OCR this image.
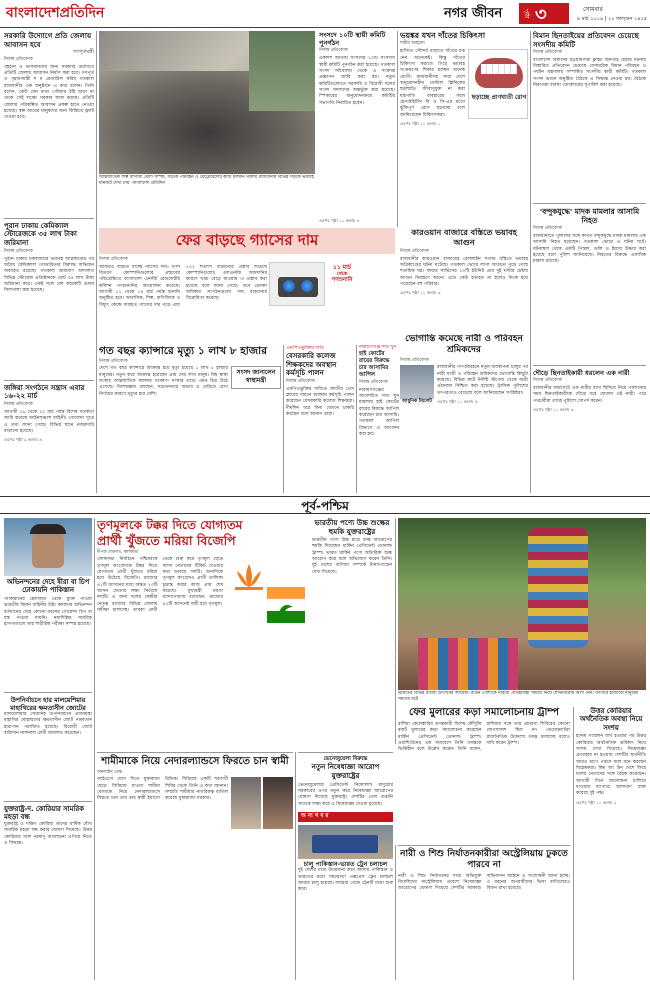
বাংলাদেশপ্রতিদিন	নগর জীবন	পৃষ্ঠা ৩	সোমবার
৪ মার্চ ২০১৯ | ২০ ফাল্গুন ১৪২৫
সরকারি উদ্যোগে প্রতি জেলায় আবাসন হবে
গণপূর্তমন্ত্রী
নিজস্ব প্রতিবেদক
গৃহহীন ও ভাসমানদের জন্য সরকারি উদ্যোগে প্রতিটি জেলায় আবাসন নির্মাণ করা হবে। গণপূর্ত ও গৃহায়ণমন্ত্রী শ ম রেজাউল করিম গতকাল রাজধানীর এক অনুষ্ঠানে এ কথা বলেন। তিনি বলেন, কেউ যেন মাথা গোঁজার ঠাঁই ছাড়া না থাকে সেই লক্ষ্যে সরকার কাজ করছে। প্রতিটি জেলায় পরিকল্পিত আবাসন প্রকল্প হাতে নেওয়া হয়েছে। স্বল্প আয়ের মানুষদের জন্য কিস্তিতে ফ্ল্যাট দেওয়া হবে।
পুরান ঢাকায় কেমিক্যাল স্টোরেজকে ৩৫ লাখ টাকা জরিমানা
নিজস্ব প্রতিবেদক
পুরান ঢাকার চকবাজারে ভয়াবহ অগ্নিকাণ্ডের পর অবৈধ কেমিক্যাল গোডাউনের বিরুদ্ধে অভিযান অব্যাহত রয়েছে। গতকাল ভ্রাম্যমাণ আদালত বিভিন্ন স্টোরেজ প্রতিষ্ঠানকে মোট ৩৫ লাখ টাকা জরিমানা করে। একই সঙ্গে বেশ কয়েকটি গুদাম সিলগালা করা হয়েছে।
জঙ্গিরা সংগঠনে সন্ত্রাস এবার ১৬-২২ মার্চ
নিজস্ব প্রতিবেদক
আগামী ১৬ থেকে ২২ মার্চ পর্যন্ত বিশেষ সতর্কতা জারি করেছে আইনশৃঙ্খলা বাহিনী। গোয়েন্দা সূত্রে এ তথ্য জানা গেছে। বিভিন্ন স্থানে নজরদারি বাড়ানো হয়েছে।
এরপর পৃষ্ঠা ৯ কলাম ৩
আন্তর্জাতিক শিল্প বাণিজ্য মেলা সম্পন্ন, সড়কে পরিবহন ও মেট্রোরেলের কাজ চলমান থাকায় রাজধানীর বিভিন্ন সড়কে ভয়াবহ যানজট দেখা দেয় -বাংলাদেশ প্রতিদিন
সংসদে ১০টি স্থায়ী কমিটি পুনর্গঠন
নিজস্ব প্রতিবেদক
একাদশ জাতীয় সংসদের ১০টি সংসদীয় স্থায়ী কমিটি পুনর্গঠন করা হয়েছে। গতকাল সংসদ সচিবালয় থেকে এ সংক্রান্ত প্রজ্ঞাপন জারি করা হয়। নতুন কমিটিগুলোতে সরকারি ও বিরোধী দলের সংসদ সদস্যদের অন্তর্ভুক্ত করা হয়েছে। স্পিকারের অনুমোদনক্রমে কমিটির সভাপতি নির্বাচিত হবেন।
এরপর পৃষ্ঠা ১১ কলাম ৪
ভয়ঙ্কর যখন দাঁতের চিকিৎসা
শামীম আহমেদ
ছড়াচ্ছে প্রাণঘাতী রোগ
হাসিতে সৌন্দর্য বাড়াতে দাঁতের যত্ন নেন অনেকেই। কিন্তু দাঁতের চিকিৎসা করাতে গিয়ে ভয়াবহ সংক্রমণের শিকার হচ্ছেন অনেক রোগী। রাজধানীসহ সারা দেশে অনুমোদনহীন ডেন্টাল ক্লিনিকের ছড়াছড়ি। জীবাণুমুক্ত না করা যন্ত্রপাতি ব্যবহারের ফলে হেপাটাইটিস বি ও সি-এর মতো ঝুঁকিপূর্ণ রোগ ছড়াচ্ছে বলে জানিয়েছেন চিকিৎসকরা।
এরপর পৃষ্ঠা ১১ কলাম ১
বিমান ছিনতাইয়ের প্রতিবেদন চেয়েছে সংসদীয় কমিটি
নিজস্ব প্রতিবেদক
বাংলাদেশ বিমানের চট্টগ্রামগামী ফ্লাইট ছিনতাই চেষ্টার ঘটনায় বিস্তারিত প্রতিবেদন চেয়েছে বেসামরিক বিমান পরিবহন ও পর্যটন মন্ত্রণালয় সম্পর্কিত সংসদীয় স্থায়ী কমিটি। গতকাল সংসদ ভবনে অনুষ্ঠিত বৈঠকে এ সিদ্ধান্ত নেওয়া হয়। বৈঠকে নিরাপত্তা ব্যবস্থা জোরদারের সুপারিশ করা হয়েছে।
'বন্দুকযুদ্ধে' মাদক মামলার আসামি নিহত
নিজস্ব প্রতিবেদক
রাজধানীতে পুলিশের সঙ্গে কথিত বন্দুকযুদ্ধে মাদক মামলার এক আসামি নিহত হয়েছেন। গতকাল ভোরে এ ঘটনা ঘটে। ঘটনাস্থল থেকে একটি পিস্তল, গুলি ও ইয়াবা উদ্ধার করা হয়েছে বলে পুলিশ জানিয়েছে। নিহতের বিরুদ্ধে একাধিক মামলা রয়েছে।
দৌড়ে ছিনতাইকারী ধরলেন এক নারী
নিজস্ব প্রতিবেদক
রাজধানীর ফার্মগেটে এক নারীর ব্যাগ ছিনিয়ে নিয়ে পালানোর সময় ছিনতাইকারীকে দৌড়ে ধরে ফেলেন ওই নারী। পরে পথচারীরা তাকে পুলিশে সোপর্দ করেন।
এরপর পৃষ্ঠা ১১ কলাম ৩
ফের বাড়ছে গ্যাসের দাম	কারওয়ান বাজারে বস্তিতে ভয়াবহ আগুন
নিজস্ব প্রতিবেদক
রাজধানীর কারওয়ান বাজারের রেললাইন সংলগ্ন বস্তিতে ভয়াবহ অগ্নিকাণ্ডের ঘটনা ঘটেছে। গতকাল ভোরে লাগা আগুনে পুড়ে গেছে শতাধিক ঘর। ফায়ার সার্ভিসের ১০টি ইউনিট প্রায় দুই ঘণ্টার চেষ্টায় আগুন নিয়ন্ত্রণে আনে। এতে কেউ হতাহত না হলেও নিঃস্ব হয়ে পড়েছেন বহু পরিবার।
এরপর পৃষ্ঠা ১১ কলাম ৩
নিজস্ব প্রতিবেদক
১১ মার্চ
থেকে
গণশুনানি
আবারও বাড়তে যাচ্ছে গ্যাসের দাম। গ্যাস বিতরণ কোম্পানিগুলোর প্রস্তাবের পরিপ্রেক্ষিতে বাংলাদেশ এনার্জি রেগুলেটরি কমিশন গণশুনানির আয়োজন করেছে। আগামী ১১ থেকে ১৪ মার্চ পর্যন্ত শুনানি অনুষ্ঠিত হবে। আবাসিক, শিল্প, বাণিজ্যিক ও বিদ্যুৎ কেন্দ্রে ব্যবহৃত গ্যাসের দাম গড়ে প্রায় ১০২ শতাংশ বাড়ানোর প্রস্তাব দিয়েছে কোম্পানিগুলো। এলএনজি আমদানির কারণে খরচ বেড়ে যাওয়ায় এ প্রস্তাব করা হয়েছে বলে জানা গেছে। তবে ভোক্তা অধিকার সংগঠনগুলো দাম বাড়ানোর বিরোধিতা করেছে।
গত বছর ক্যান্সারে মৃত্যু ১ লাখ ৮ হাজার
নিজস্ব প্রতিবেদক
সংসদ জানালেন স্বাস্থ্যমন্ত্রী
দেশে গত বছর ক্যান্সারে আক্রান্ত হয়ে মৃত্যু হয়েছে ১ লাখ ৮ হাজার মানুষের। নতুন করে আক্রান্ত হয়েছেন প্রায় দেড় লাখ মানুষ। বিশ্ব স্বাস্থ্য সংস্থার আন্তর্জাতিক ক্যান্সার গবেষণা সংস্থার তথ্যে এমন চিত্র উঠে এসেছে। বিশেষজ্ঞরা বলছেন, সচেতনতার অভাব ও দেরিতে রোগ নির্ণয়ের কারণে মৃত্যুর হার বেশি।
এমপিওভুক্তির দাবি
বেসরকারি কলেজ শিক্ষকদের অবস্থান কর্মসূচি পালন
নিজস্ব প্রতিবেদক
এমপিওভুক্তির দাবিতে জাতীয় প্রেস ক্লাবের সামনে অবস্থান কর্মসূচি পালন করেছেন বেসরকারি কলেজ শিক্ষকরা। দীর্ঘদিন ধরে বিনা বেতনে চাকরি করছেন বলে জানান তারা।
নারায়ণগঞ্জে সাত খুন
হাই কোর্টের রায়ের বিরুদ্ধে চার আসামির আপিল
নিজস্ব প্রতিবেদক
নারায়ণগঞ্জের আলোচিত সাত খুন মামলায় হাই কোর্টের রায়ের বিরুদ্ধে আপিল করেছেন চার আসামি। গতকাল আপিল বিভাগে এ আবেদন করা হয়।
ভোগান্তি কমেছে নারী ও পরিবহন শ্রমিকদের
নিজস্ব প্রতিবেদক
আধুনিক টয়লেট
রাজধানীর গণপরিবহনে নতুন ব্যবস্থাপনা চালুর পর নারী যাত্রী ও পরিবহন শ্রমিকদের ভোগান্তি কিছুটা কমেছে। বিভিন্ন রুটে নির্দিষ্ট স্টপেজ থেকে যাত্রী ওঠানামা নিশ্চিত করা হয়েছে। ট্রাফিক পুলিশের তৎপরতাও বেড়েছে বলে জানিয়েছেন সংশ্লিষ্টরা।
এরপর পৃষ্ঠা ১১ কলাম ৫
পূর্ব-পশ্চিম
অভিনন্দনের দেহে ষীরা বা চিপ ঢোকায়নি পাকিস্তান
পাকিস্তানের হেফাজত থেকে মুক্তি পাওয়া ভারতীয় বিমান বাহিনীর উইং কমান্ডার অভিনন্দন বর্তমানের দেহে কোনো ধরনের গোয়েন্দা চিপ বা যন্ত্র পাওয়া যায়নি। নয়াদিল্লির সামরিক হাসপাতালে তার শারীরিক পরীক্ষা সম্পন্ন হয়েছে।
উপনির্বাচনে হার মালয়েশিয়ার মাহাথিরের ক্ষমতাসীন জোটের
মালয়েশিয়ার সেমেনিহ উপনির্বাচনে প্রধানমন্ত্রী মাহাথির মোহাম্মদের ক্ষমতাসীন জোট পাকাতান হারাপান পরাজিত হয়েছে। বিরোধী জোট বারিসান ন্যাশনাল প্রার্থী জয়লাভ করেছেন।
যুক্তরাষ্ট্র-দ. কোরিয়ার সামরিক মহড়া বন্ধ
যুক্তরাষ্ট্র ও দক্ষিণ কোরিয়া তাদের বার্ষিক যৌথ সামরিক মহড়া বন্ধ করার ঘোষণা দিয়েছে। উত্তর কোরিয়ার সঙ্গে পরমাণু আলোচনা এগিয়ে নিতে এ সিদ্ধান্ত।
তৃণমূলকে টক্কর দিতে যোগ্যতম
প্রার্থী খুঁজতে মরিয়া বিজেপি
দীপক দেবনাথ, কলকাতা
লোকসভা নির্বাচনে পশ্চিমবঙ্গে তৃণমূল কংগ্রেসকে টক্কর দিতে যোগ্যতম প্রার্থী খুঁজতে মরিয়া হয়ে উঠেছে বিজেপি। রাজ্যের ৪২টি আসনের মধ্যে অন্তত ২৩টি আসন জেতার লক্ষ্য নিয়েছে দলটি। এ জন্য দলের কেন্দ্রীয় নেতৃত্ব রাজ্যের বিভিন্ন জেলায় সমীক্ষা চালাচ্ছে। তারকা প্রার্থী থেকে শুরু করে তৃণমূল ছেড়ে আসা নেতাদের টিকিট দেওয়ার কথা ভাবছে দলটি। অন্যদিকে তৃণমূল কংগ্রেসও প্রার্থী তালিকা চূড়ান্ত করার কাজ প্রায় শেষ করেছে। মুখ্যমন্ত্রী মমতা বন্দ্যোপাধ্যায় বলেছেন, রাজ্যের ৪২টি আসনেই জয়ী হবে তৃণমূল।
ভারতীয় পণ্যে উচ্চ শুল্কের হুমকি যুক্তরাষ্ট্রের
ভারতীয় পণ্যে উচ্চ হারে শুল্ক আরোপের হুমকি দিয়েছেন মার্কিন প্রেসিডেন্ট ডোনাল্ড ট্রাম্প। ভারত মার্কিন পণ্যে অতিরিক্ত শুল্ক আরোপ করে বলে অভিযোগ করেন তিনি। দুই দেশের বাণিজ্য সম্পর্কে টানাপোড়েন দেখা দিয়েছে।
ভারতের বিভিন্ন রাজ্যে উৎসবের আমেজ। রঙিন পোশাকে নারীরা ঐতিহ্যবাহী সামগ্রী নিয়ে শোভাযাত্রায় অংশ নেন। উৎসবে হাজারো মানুষের সমাগম ঘটে
ফের মুলারের কড়া সমালোচনায় ট্রাম্প
রাশিয়া কেলেঙ্কারির তদন্তকারী বিশেষ কৌঁসুলি রবার্ট মুলারের কড়া সমালোচনা করেছেন মার্কিন প্রেসিডেন্ট ডোনাল্ড ট্রাম্প। ওয়াশিংটনের এক সমাবেশে তিনি তদন্তকে ভিত্তিহীন বলে উল্লেখ করেন। তিনি বলেন, রাশিয়ার সঙ্গে তার প্রচারণা শিবিরের কোনো যোগসাজশ ছিল না। ডেমোক্র্যাটরা রাজনৈতিক উদ্দেশ্যে তদন্ত চালাচ্ছে বলেও দাবি করেন ট্রাম্প।
উত্তর কোরিয়ার অর্থনৈতিক অবস্থা নিয়ে সংশয়
হ্যানয় সম্মেলন ব্যর্থ হওয়ার পর উত্তর কোরিয়ার অর্থনৈতিক ভবিষ্যৎ নিয়ে সংশয় দেখা দিয়েছে। নিষেধাজ্ঞা প্রত্যাহার না হওয়ায় দেশটির অর্থনীতি আরও চাপে পড়বে বলে মনে করছেন বিশ্লেষকরা। কিম জং উন দেশে ফিরে দলের নেতাদের সঙ্গে বৈঠক করেছেন। আগামী দিনে আলোচনা চালিয়ে যাওয়ার ব্যাপারে আশাবাদ ব্যক্ত করেছে দুই পক্ষ।
এরপর পৃষ্ঠা ১১ কলাম ২
শামীমাকে নিয়ে নেদারল্যান্ডসে ফিরতে চান স্বামী
অনলাইন ডেস্ক
আইএসে যোগ দিতে যুক্তরাজ্য ছেড়ে সিরিয়ায় যাওয়া শামীমা বেগমকে নিয়ে নেদারল্যান্ডসে ফিরতে চান তার ডাচ স্বামী ইয়াগো রিডিক। সিরিয়ার একটি শরণার্থী শিবির থেকে তিনি এ কথা জানান। সম্প্রতি শামীমার নাগরিকত্ব বাতিল করেছে যুক্তরাজ্য সরকার।
ভেনেজুয়েলা বিরুদ্ধে
নতুন নিষেধাজ্ঞা আরোপ যুক্তরাষ্ট্রের
ভেনেজুয়েলার প্রেসিডেন্ট নিকোলাস মাদুরোর সরকারের ওপর নতুন করে নিষেধাজ্ঞা আরোপের ঘোষণা দিয়েছে যুক্তরাষ্ট্র। দেশটির তেল রপ্তানি খাতকে লক্ষ্য করে এ নিষেধাজ্ঞা দেওয়া হয়েছে।
অ ন্য খ ব র
চালু পাকিস্তান-ভারত ট্রেন চলাচল
দুই দেশের মধ্যে উত্তেজনা কমে আসায় পাকিস্তান ও ভারতের মধ্যে সমঝোতা এক্সপ্রেস ট্রেন চলাচল আবার চালু হয়েছে। লাহোর থেকে ট্রেনটি যাত্রা শুরু করে।
নারী ও শিশু নির্যাতনকারীরা অস্ট্রেলিয়ায় ঢুকতে পারবে না
নারী ও শিশু নির্যাতনের দায়ে অভিযুক্ত বিদেশিদের অস্ট্রেলিয়ায় প্রবেশে নিষেধাজ্ঞা আরোপের ঘোষণা দিয়েছে দেশটির সরকার। অভিবাসন আইনে এ সংশোধনী আনা হচ্ছে। এ ধরনের অপরাধীদের ভিসা বাতিলেরও বিধান রাখা হয়েছে।
